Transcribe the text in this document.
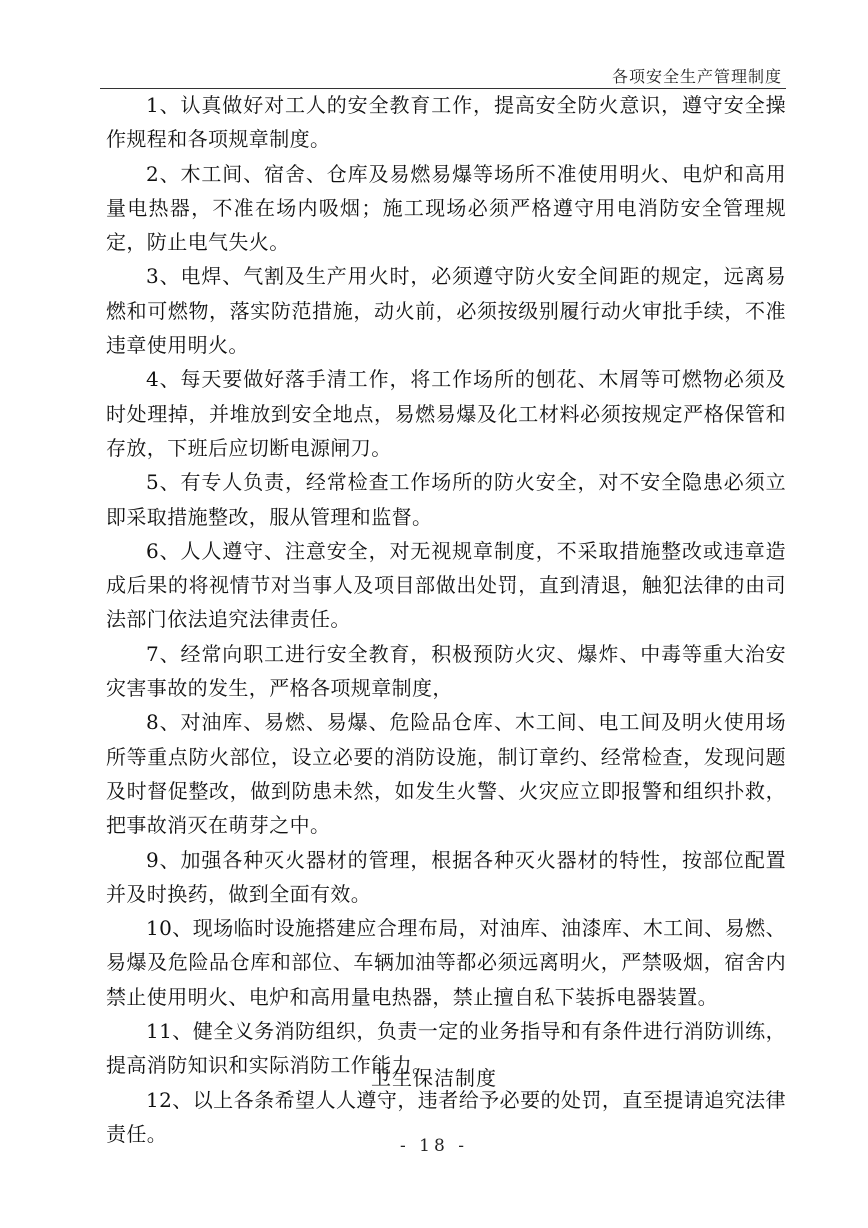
各项安全生产管理制度

1、认真做好对工人的安全教育工作，提高安全防火意识，遵守安全操作规程和各项规章制度。

2、木工间、宿舍、仓库及易燃易爆等场所不准使用明火、电炉和高用量电热器，不准在场内吸烟；施工现场必须严格遵守用电消防安全管理规定，防止电气失火。

3、电焊、气割及生产用火时，必须遵守防火安全间距的规定，远离易燃和可燃物，落实防范措施，动火前，必须按级别履行动火审批手续，不准违章使用明火。

4、每天要做好落手清工作，将工作场所的刨花、木屑等可燃物必须及时处理掉，并堆放到安全地点，易燃易爆及化工材料必须按规定严格保管和存放，下班后应切断电源闸刀。

5、有专人负责，经常检查工作场所的防火安全，对不安全隐患必须立即采取措施整改，服从管理和监督。

6、人人遵守、注意安全，对无视规章制度，不采取措施整改或违章造成后果的将视情节对当事人及项目部做出处罚，直到清退，触犯法律的由司法部门依法追究法律责任。

7、经常向职工进行安全教育，积极预防火灾、爆炸、中毒等重大治安灾害事故的发生，严格各项规章制度，

8、对油库、易燃、易爆、危险品仓库、木工间、电工间及明火使用场所等重点防火部位，设立必要的消防设施，制订章约、经常检查，发现问题及时督促整改，做到防患未然，如发生火警、火灾应立即报警和组织扑救，把事故消灭在萌芽之中。

9、加强各种灭火器材的管理，根据各种灭火器材的特性，按部位配置并及时换药，做到全面有效。

10、现场临时设施搭建应合理布局，对油库、油漆库、木工间、易燃、易爆及危险品仓库和部位、车辆加油等都必须远离明火，严禁吸烟，宿舍内禁止使用明火、电炉和高用量电热器，禁止擅自私下装拆电器装置。

11、健全义务消防组织，负责一定的业务指导和有条件进行消防训练，提高消防知识和实际消防工作能力。

12、以上各条希望人人遵守，违者给予必要的处罚，直至提请追究法律责任。

卫生保洁制度
- 18 -
